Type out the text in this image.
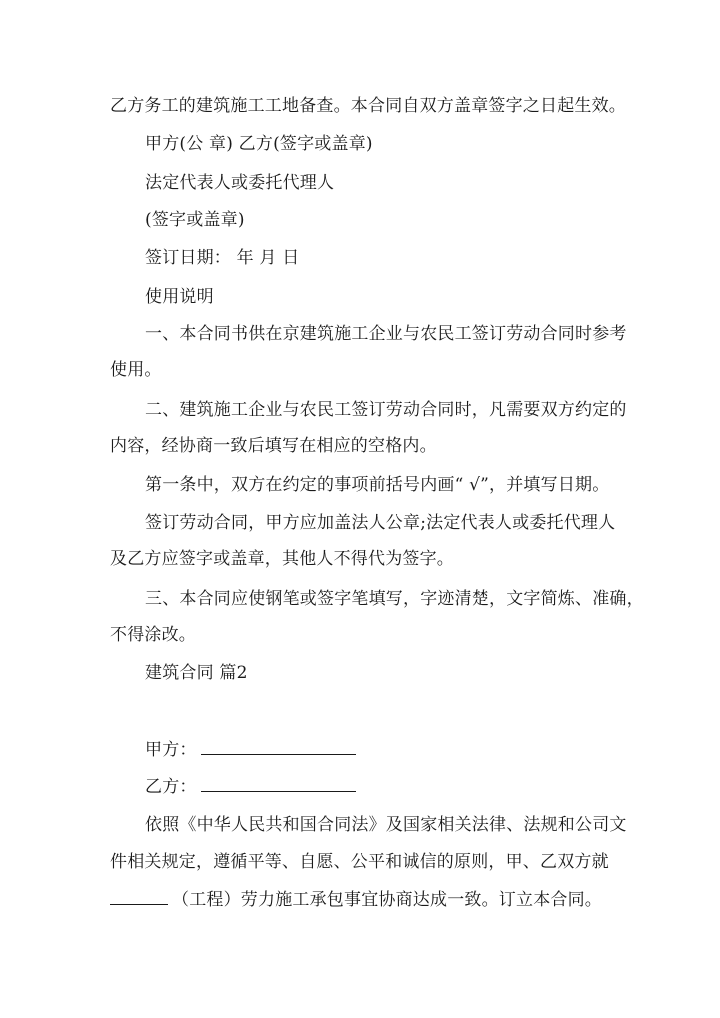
乙方务工的建筑施工工地备查。本合同自双方盖章签字之日起生效。
甲方(公 章) 乙方(签字或盖章)
法定代表人或委托代理人
(签字或盖章)
签订日期： 年 月 日
使用说明
一、本合同书供在京建筑施工企业与农民工签订劳动合同时参考
使用。
二、建筑施工企业与农民工签订劳动合同时，凡需要双方约定的
内容，经协商一致后填写在相应的空格内。
第一条中，双方在约定的事项前括号内画“ √”，并填写日期。
签订劳动合同，甲方应加盖法人公章;法定代表人或委托代理人
及乙方应签字或盖章，其他人不得代为签字。
三、本合同应使钢笔或签字笔填写，字迹清楚，文字简炼、准确，
不得涂改。
建筑合同 篇2
甲方：
乙方：
依照《中华人民共和国合同法》及国家相关法律、法规和公司文
件相关规定，遵循平等、自愿、公平和诚信的原则，甲、乙双方就
（工程）劳力施工承包事宜协商达成一致。订立本合同。
